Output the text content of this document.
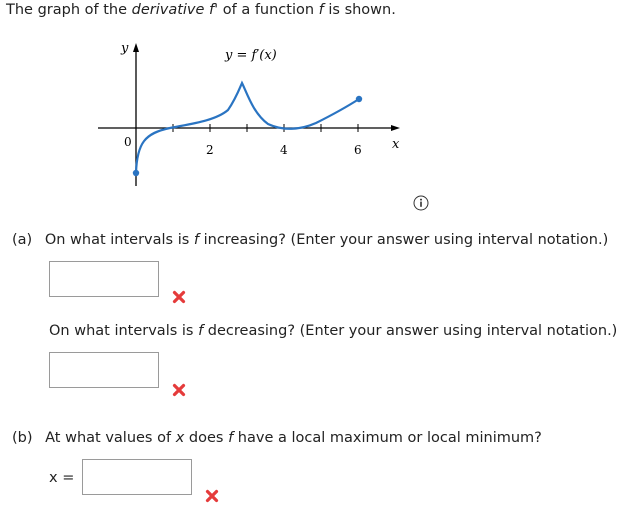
The graph of the derivative f' of a function f is shown.
y
x
0
2	4	6
y = f′(x)
(a) On what intervals is f increasing? (Enter your answer using interval notation.)
On what intervals is f decreasing? (Enter your answer using interval notation.)
(b) At what values of x does f have a local maximum or local minimum?
x =
